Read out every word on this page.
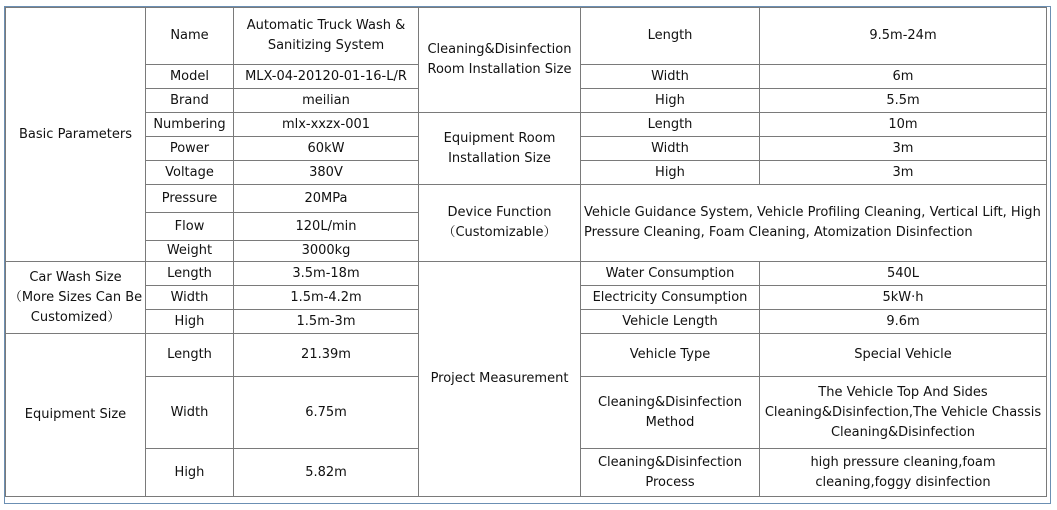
Basic Parameters	Name	Automatic Truck Wash & Sanitizing System	Cleaning&Disinfection Room Installation Size	Length	9.5m-24m
	Model	MLX-04-20120-01-16-L/R		Width	6m
	Brand	meilian		High	5.5m
	Numbering	mlx-xxzx-001	Equipment Room Installation Size	Length	10m
	Power	60kW		Width	3m
	Voltage	380V		High	3m
	Pressure	20MPa	Device Function（Customizable）	Vehicle Guidance System, Vehicle Profiling Cleaning, Vertical Lift, High Pressure Cleaning, Foam Cleaning, Atomization Disinfection	
	Flow	120L/min			
	Weight	3000kg			
Car Wash Size（More Sizes Can Be Customized）	Length	3.5m-18m	Project Measurement	Water Consumption	540L
	Width	1.5m-4.2m		Electricity Consumption	5kW·h
	High	1.5m-3m		Vehicle Length	9.6m
Equipment Size	Length	21.39m		Vehicle Type	Special Vehicle
	Width	6.75m		Cleaning&Disinfection Method	The Vehicle Top And Sides Cleaning&Disinfection,The Vehicle Chassis Cleaning&Disinfection
	High	5.82m		Cleaning&Disinfection Process	high pressure cleaning,foam cleaning,foggy disinfection
